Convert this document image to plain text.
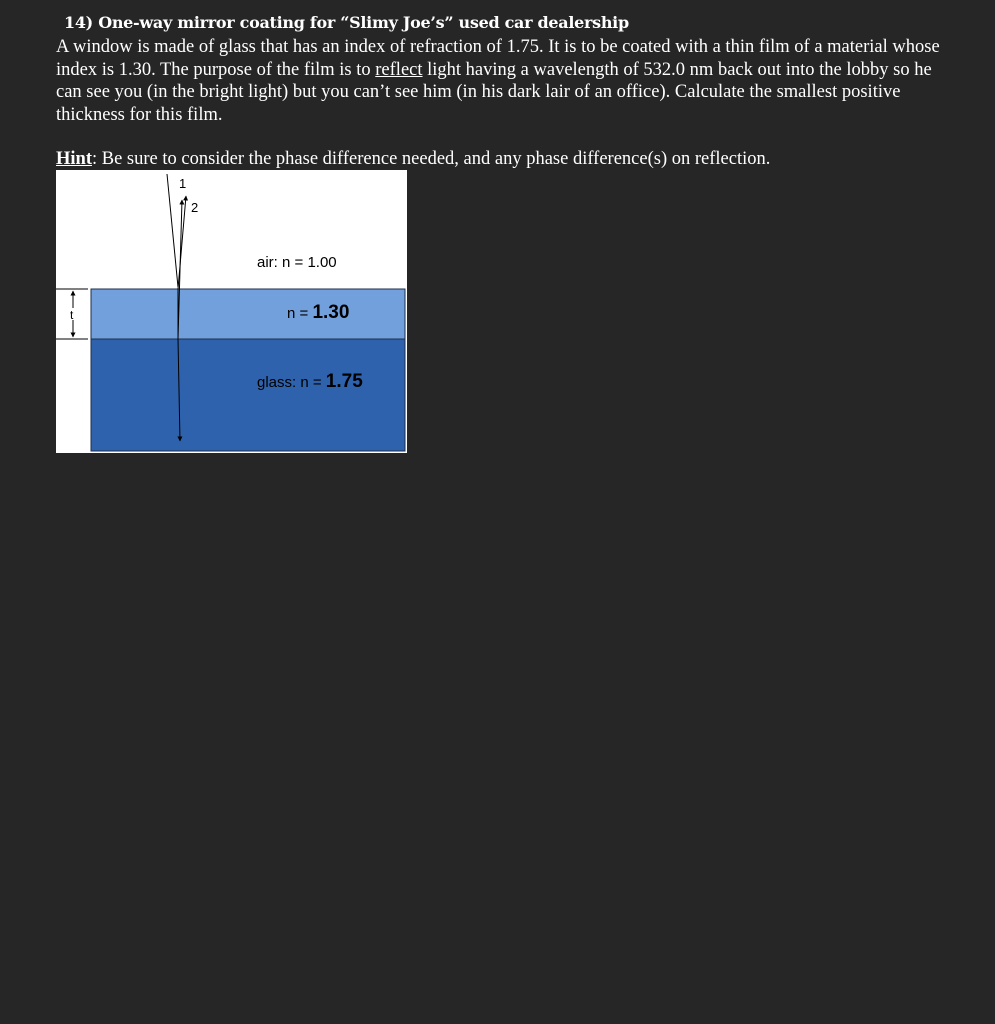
14) One-way mirror coating for “Slimy Joe’s” used car dealership
A window is made of glass that has an index of refraction of 1.75. It is to be coated with a thin film of a material whose index is 1.30. The purpose of the film is to reflect light having a wavelength of 532.0 nm back out into the lobby so he can see you (in the bright light) but you can’t see him (in his dark lair of an office). Calculate the smallest positive thickness for this film.
Hint: Be sure to consider the phase difference needed, and any phase difference(s) on reflection.
t
1
2
air: n = 1.00
n = 1.30
glass: n = 1.75
